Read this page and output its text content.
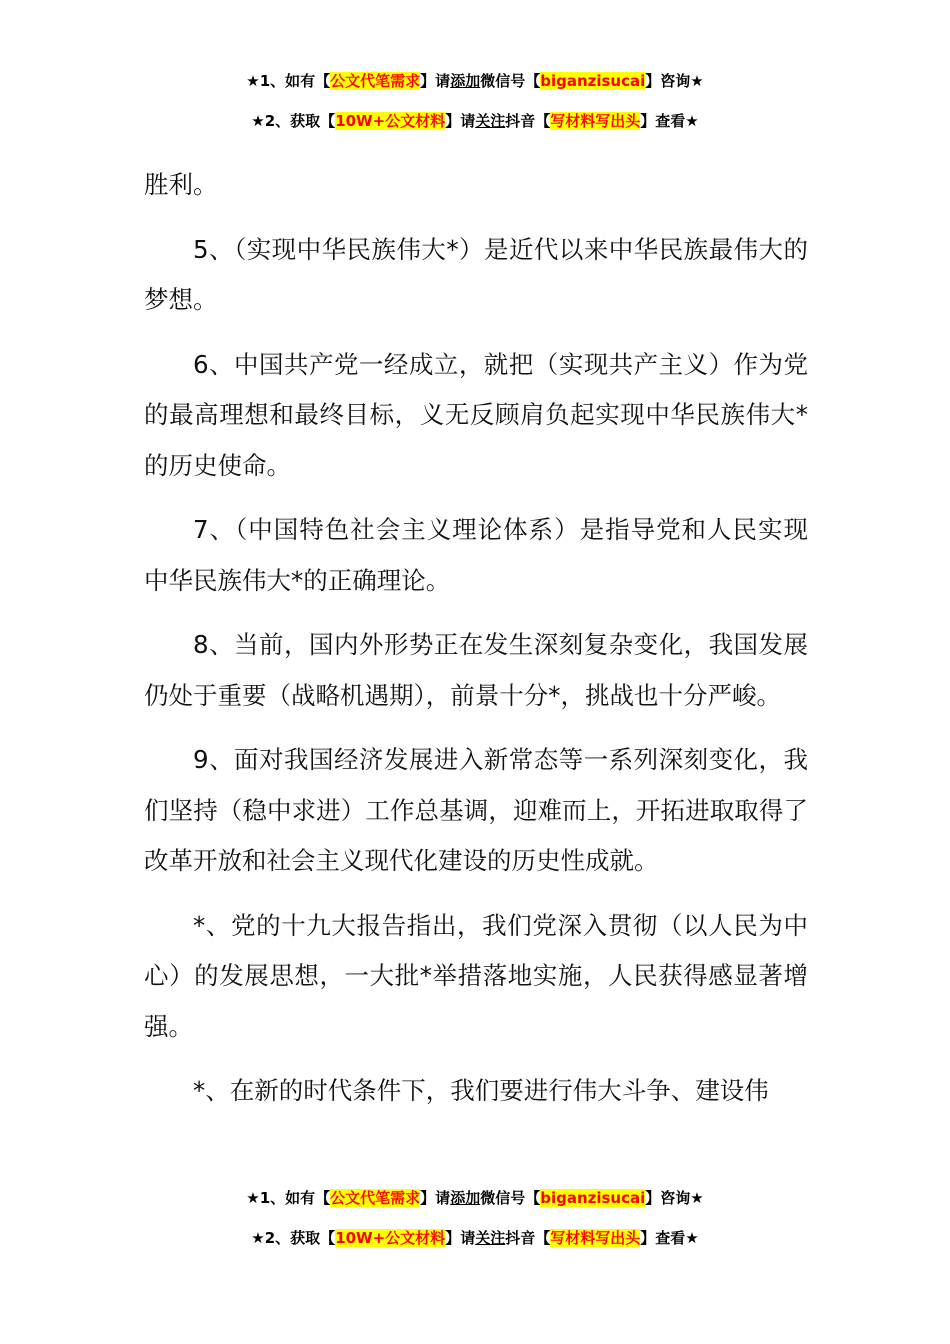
★1、如有【公文代笔需求】请添加微信号【biganzisucai】咨询★
★2、获取【10W+公文材料】请关注抖音【写材料写出头】查看★

胜利。

5、（实现中华民族伟大*）是近代以来中华民族最伟大的梦想。

6、中国共产党一经成立，就把（实现共产主义）作为党的最高理想和最终目标，义无反顾肩负起实现中华民族伟大*的历史使命。

7、（中国特色社会主义理论体系）是指导党和人民实现中华民族伟大*的正确理论。

8、当前，国内外形势正在发生深刻复杂变化，我国发展仍处于重要（战略机遇期），前景十分*，挑战也十分严峻。

9、面对我国经济发展进入新常态等一系列深刻变化，我们坚持（稳中求进）工作总基调，迎难而上，开拓进取取得了改革开放和社会主义现代化建设的历史性成就。

*、党的十九大报告指出，我们党深入贯彻（以人民为中心）的发展思想，一大批*举措落地实施，人民获得感显著增强。

*、在新的时代条件下，我们要进行伟大斗争、建设伟

★1、如有【公文代笔需求】请添加微信号【biganzisucai】咨询★
★2、获取【10W+公文材料】请关注抖音【写材料写出头】查看★
